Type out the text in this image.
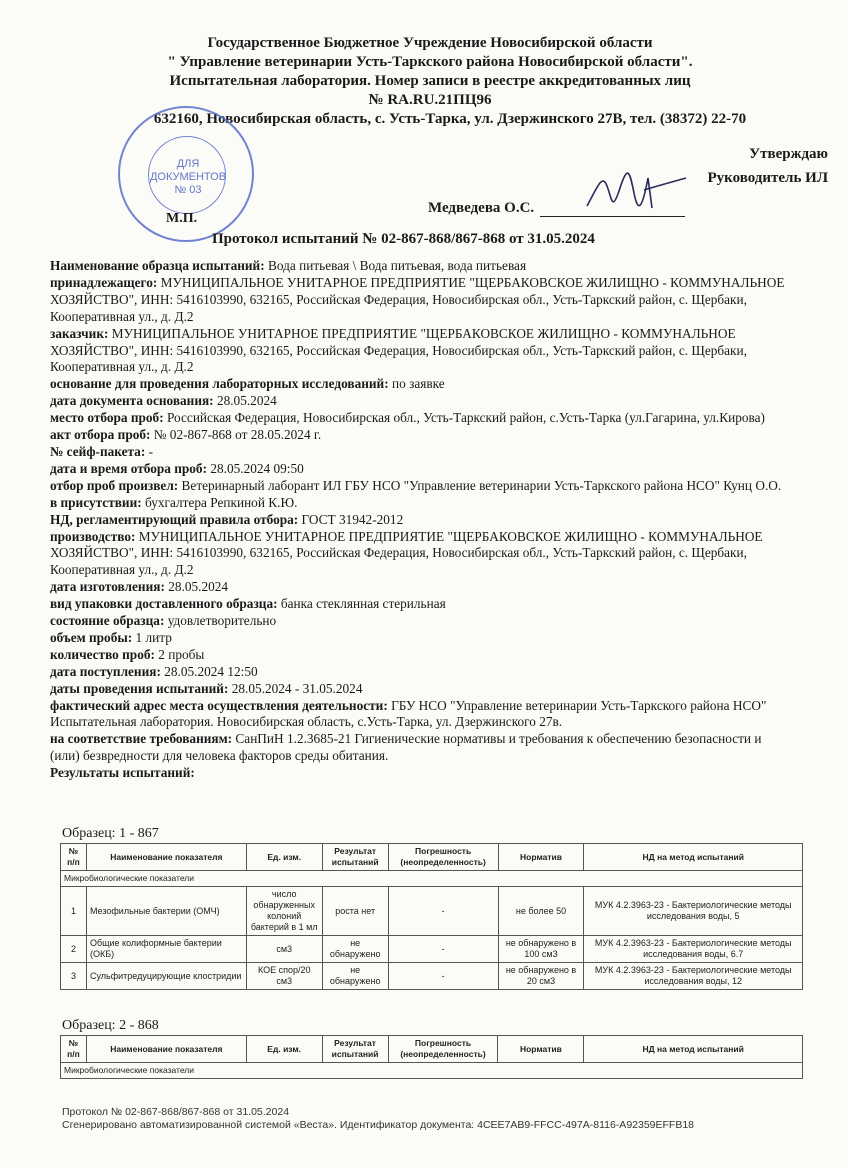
Государственное Бюджетное Учреждение Новосибирской области
" Управление ветеринарии Усть-Таркского района Новосибирской области".
Испытательная лаборатория. Номер записи в реестре аккредитованных лиц
№ RA.RU.21ПЦ96
632160, Новосибирская область, с. Усть-Тарка, ул. Дзержинского 27В, тел. (38372) 22-70
Утверждаю
Руководитель ИЛ
ДЛЯ
ДОКУМЕНТОВ
№ 03
М.П.
Медведева О.С.
Протокол испытаний № 02-867-868/867-868 от 31.05.2024

Наименование образца испытаний: Вода питьевая \ Вода питьевая, вода питьевая

принадлежащего: МУНИЦИПАЛЬНОЕ УНИТАРНОЕ ПРЕДПРИЯТИЕ "ЩЕРБАКОВСКОЕ ЖИЛИЩНО - КОММУНАЛЬНОЕ ХОЗЯЙСТВО", ИНН: 5416103990, 632165, Российская Федерация, Новосибирская обл., Усть-Таркский район, с. Щербаки, Кооперативная ул., д. Д.2

заказчик: МУНИЦИПАЛЬНОЕ УНИТАРНОЕ ПРЕДПРИЯТИЕ "ЩЕРБАКОВСКОЕ ЖИЛИЩНО - КОММУНАЛЬНОЕ ХОЗЯЙСТВО", ИНН: 5416103990, 632165, Российская Федерация, Новосибирская обл., Усть-Таркский район, с. Щербаки, Кооперативная ул., д. Д.2

основание для проведения лабораторных исследований: по заявке

дата документа основания: 28.05.2024

место отбора проб: Российская Федерация, Новосибирская обл., Усть-Таркский район, с.Усть-Тарка (ул.Гагарина, ул.Кирова)

акт отбора проб: № 02-867-868 от 28.05.2024 г.

№ сейф-пакета: -

дата и время отбора проб: 28.05.2024 09:50

отбор проб произвел: Ветеринарный лаборант ИЛ ГБУ НСО "Управление ветеринарии Усть-Таркского района НСО" Кунц О.О.

в присутствии: бухгалтера Репкиной К.Ю.

НД, регламентирующий правила отбора: ГОСТ 31942-2012

производство: МУНИЦИПАЛЬНОЕ УНИТАРНОЕ ПРЕДПРИЯТИЕ "ЩЕРБАКОВСКОЕ ЖИЛИЩНО - КОММУНАЛЬНОЕ ХОЗЯЙСТВО", ИНН: 5416103990, 632165, Российская Федерация, Новосибирская обл., Усть-Таркский район, с. Щербаки, Кооперативная ул., д. Д.2

дата изготовления: 28.05.2024

вид упаковки доставленного образца: банка стеклянная стерильная

состояние образца: удовлетворительно

объем пробы: 1 литр

количество проб: 2 пробы

дата поступления: 28.05.2024 12:50

даты проведения испытаний: 28.05.2024 - 31.05.2024

фактический адрес места осуществления деятельности: ГБУ НСО "Управление ветеринарии Усть-Таркского района НСО" Испытательная лаборатория. Новосибирская область, с.Усть-Тарка, ул. Дзержинского 27в.

на соответствие требованиям: СанПиН 1.2.3685-21 Гигиенические нормативы и требования к обеспечению безопасности и (или) безвредности для человека факторов среды обитания.

Результаты испытаний:

Образец: 1 - 867
№ п/п	Наименование показателя	Ед. изм.	Результат испытаний	Погрешность (неопределенность)	Норматив	НД на метод испытаний
Микробиологические показатели						
1	Мезофильные бактерии (ОМЧ)	число обнаруженных колоний бактерий в 1 мл	роста нет	-	не более 50	МУК 4.2.3963-23 - Бактериологические методы исследования воды, 5
2	Общие колиформные бактерии (ОКБ)	см3	не обнаружено	-	не обнаружено в 100 см3	МУК 4.2.3963-23 - Бактериологические методы исследования воды, 6.7
3	Сульфитредуцирующие клостридии	КОЕ спор/20 см3	не обнаружено	-	не обнаружено в 20 см3	МУК 4.2.3963-23 - Бактериологические методы исследования воды, 12
Образец: 2 - 868
№ п/п	Наименование показателя	Ед. изм.	Результат испытаний	Погрешность (неопределенность)	Норматив	НД на метод испытаний
Микробиологические показатели
Протокол № 02-867-868/867-868 от 31.05.2024
Сгенерировано автоматизированной системой «Веста». Идентификатор документа: 4CEE7AB9-FFCC-497A-8116-A92359EFFB18
